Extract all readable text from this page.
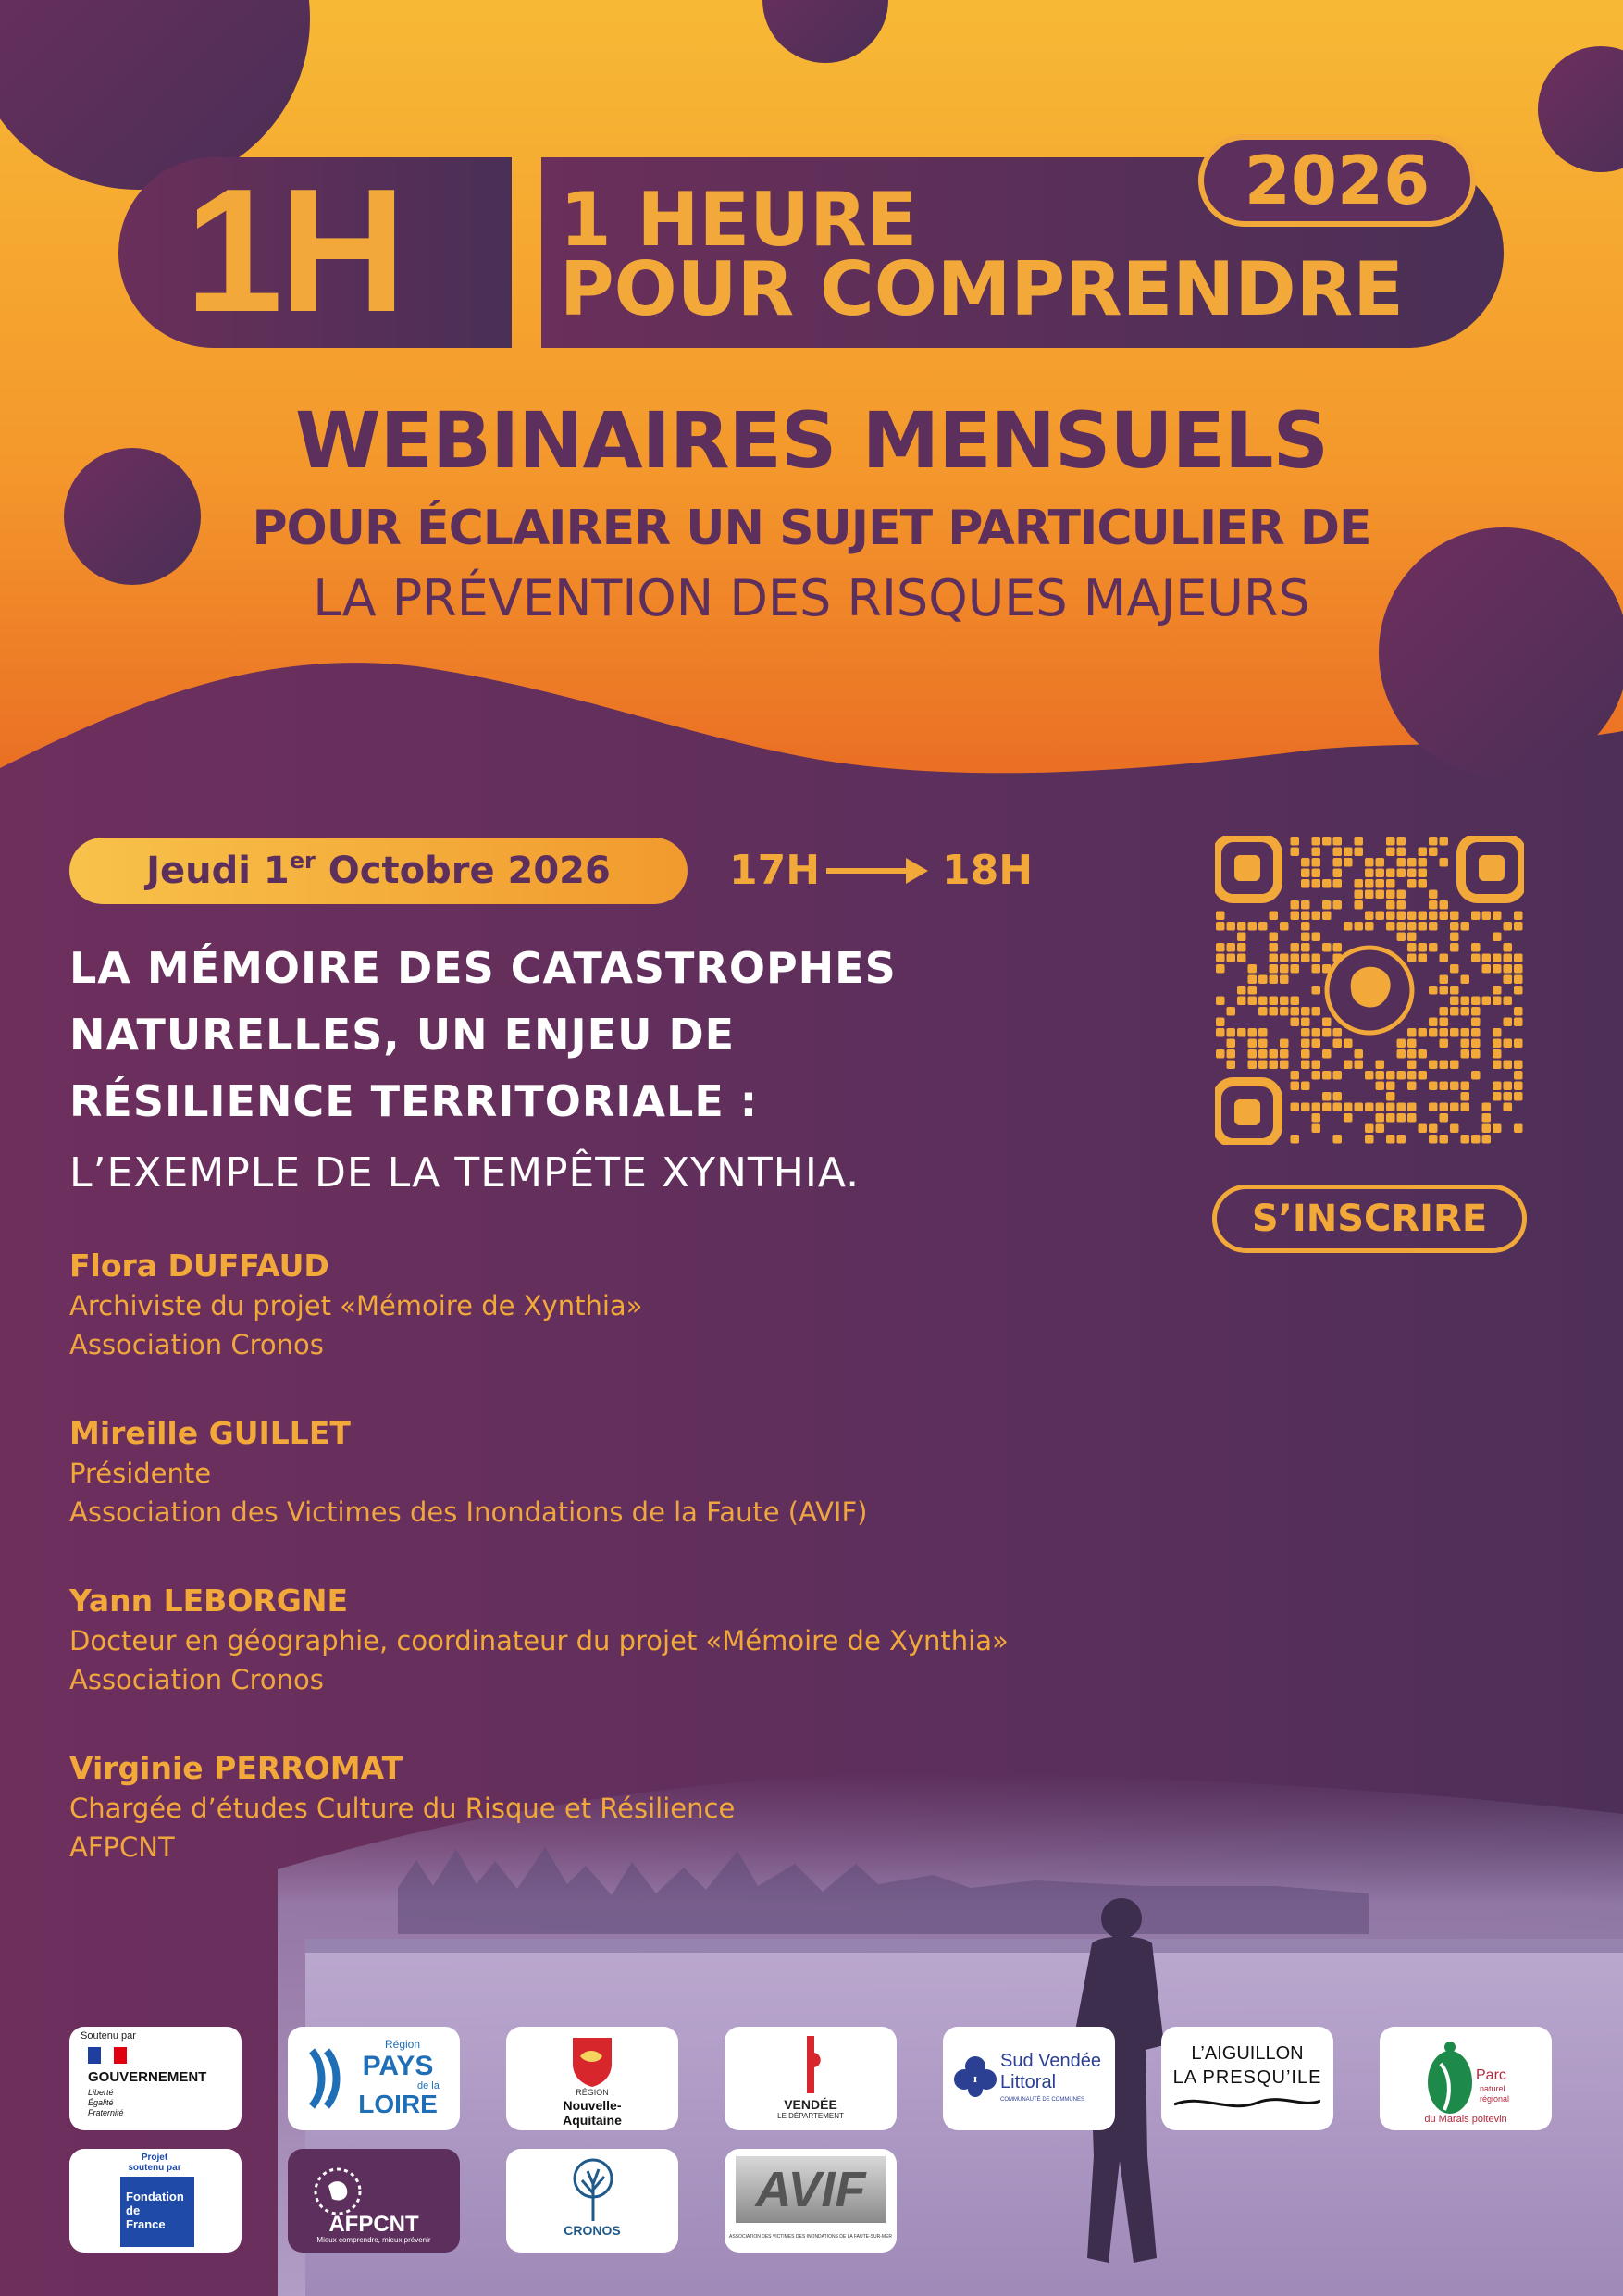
1H	1 HEURE
POUR COMPRENDRE
2026
WEBINAIRES MENSUELS
POUR ÉCLAIRER UN SUJET PARTICULIER DE
LA PRÉVENTION DES RISQUES MAJEURS
Jeudi 1er Octobre 2026	17H	18H
LA MÉMOIRE DES CATASTROPHES
NATURELLES, UN ENJEU DE
RÉSILIENCE TERRITORIALE :
L’EXEMPLE DE LA TEMPÊTE XYNTHIA.
Flora DUFFAUD
Archiviste du projet «Mémoire de Xynthia»
Association Cronos
Mireille GUILLET
Présidente
Association des Victimes des Inondations de la Faute (AVIF)
Yann LEBORGNE
Docteur en géographie, coordinateur du projet «Mémoire de Xynthia»
Association Cronos
Virginie PERROMAT
Chargée d’études Culture du Risque et Résilience
AFPCNT
S’INSCRIRE
Soutenu par
GOUVERNEMENT
Liberté
Égalité
Fraternité
Région
PAYS
de la
LOIRE	RÉGION
Nouvelle-
Aquitaine
VENDÉE
LE DÉPARTEMENT
Sud Vendée
Littoral
COMMUNAUTÉ DE COMMUNES
L’AIGUILLON
LA PRESQU’ILE	Parc
naturel
régional
du Marais poitevin
Projet
soutenu par
Fondation
de
France	AFPCNT
Mieux comprendre, mieux prévenir
CRONOS
AVIF
ASSOCIATION DES VICTIMES DES INONDATIONS DE LA FAUTE-SUR-MER
